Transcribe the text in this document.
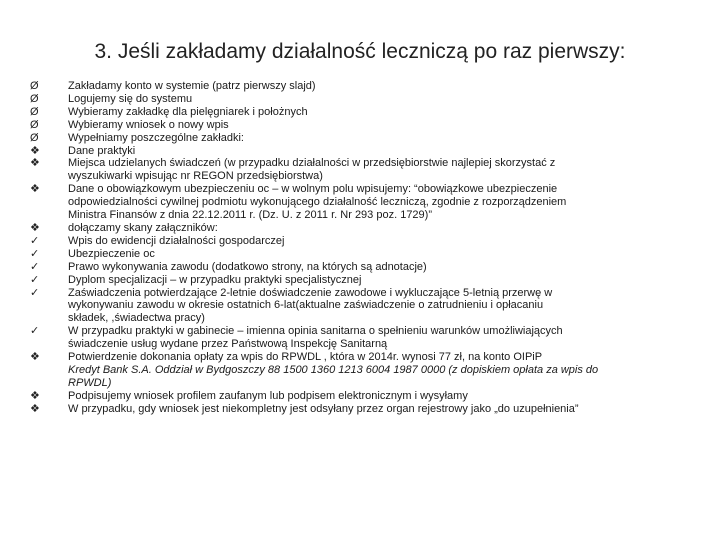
3. Jeśli zakładamy działalność leczniczą po raz pierwszy:
Ø	Zakładamy konto w systemie (patrz pierwszy slajd)
Ø	Logujemy się do systemu
Ø	Wybieramy zakładkę dla pielęgniarek i położnych
Ø	Wybieramy wniosek o nowy wpis
Ø	Wypełniamy poszczególne zakładki:
❖	Dane praktyki
❖	Miejsca udzielanych świadczeń (w przypadku działalności w przedsiębiorstwie najlepiej skorzystać z
wyszukiwarki wpisując nr REGON przedsiębiorstwa)
❖	Dane o obowiązkowym ubezpieczeniu oc – w wolnym polu wpisujemy: “obowiązkowe ubezpieczenie
odpowiedzialności cywilnej podmiotu wykonującego działalność leczniczą, zgodnie z rozporządzeniem
Ministra Finansów z dnia 22.12.2011 r. (Dz. U. z 2011 r. Nr 293 poz. 1729)”
❖	dołączamy skany załączników:
✓	Wpis do ewidencji działalności gospodarczej
✓	Ubezpieczenie oc
✓	Prawo wykonywania zawodu (dodatkowo strony, na których są adnotacje)
✓	Dyplom specjalizacji – w przypadku praktyki specjalistycznej
✓	Zaświadczenia potwierdzające 2-letnie doświadczenie zawodowe i wykluczające 5-letnią przerwę w
wykonywaniu zawodu w okresie ostatnich 6-lat(aktualne zaświadczenie o zatrudnieniu i opłacaniu
składek, ,świadectwa pracy)
✓	W przypadku praktyki w gabinecie – imienna opinia sanitarna o spełnieniu warunków umożliwiających
świadczenie usług wydane przez Państwową Inspekcję Sanitarną
❖	Potwierdzenie dokonania opłaty za wpis do RPWDL , która w 2014r. wynosi 77 zł, na konto OIPiP
Kredyt Bank S.A. Oddział w Bydgoszczy 88 1500 1360 1213 6004 1987 0000 (z dopiskiem opłata za wpis do
RPWDL)
❖	Podpisujemy wniosek profilem zaufanym lub podpisem elektronicznym i wysyłamy
❖	W przypadku, gdy wniosek jest niekompletny jest odsyłany przez organ rejestrowy jako „do uzupełnienia”
